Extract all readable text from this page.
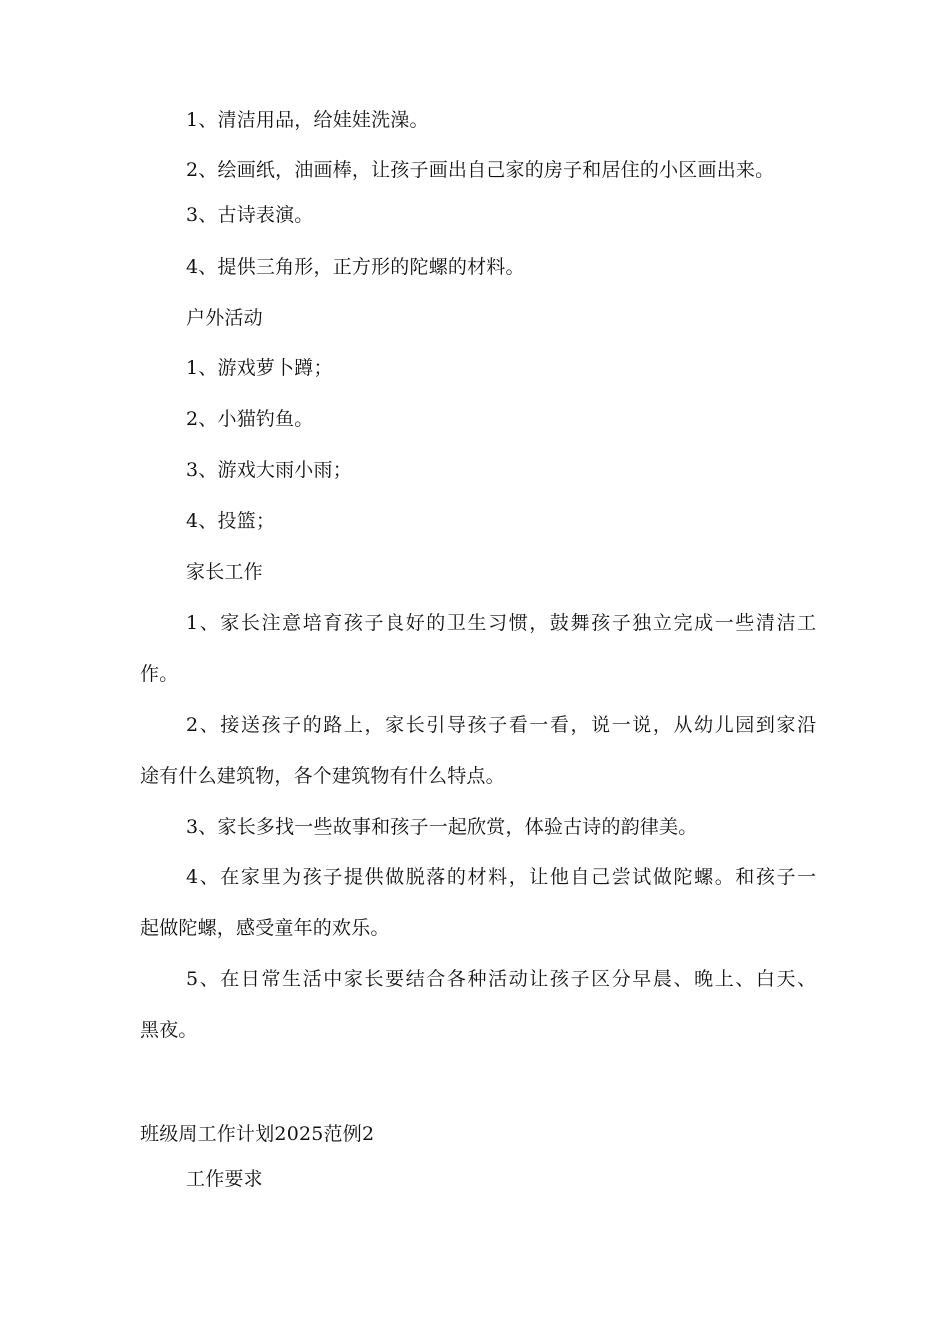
1、清洁用品，给娃娃洗澡。
2、绘画纸，油画棒，让孩子画出自己家的房子和居住的小区画出来。
3、古诗表演。
4、提供三角形，正方形的陀螺的材料。
户外活动
1、游戏萝卜蹲；
2、小猫钓鱼。
3、游戏大雨小雨；
4、投篮；
家长工作
1、家长注意培育孩子良好的卫生习惯，鼓舞孩子独立完成一些清洁工
作。
2、接送孩子的路上，家长引导孩子看一看，说一说，从幼儿园到家沿
途有什么建筑物，各个建筑物有什么特点。
3、家长多找一些故事和孩子一起欣赏，体验古诗的韵律美。
4、在家里为孩子提供做脱落的材料，让他自己尝试做陀螺。和孩子一
起做陀螺，感受童年的欢乐。
5、在日常生活中家长要结合各种活动让孩子区分早晨、晚上、白天、
黑夜。
班级周工作计划2025范例2
工作要求
